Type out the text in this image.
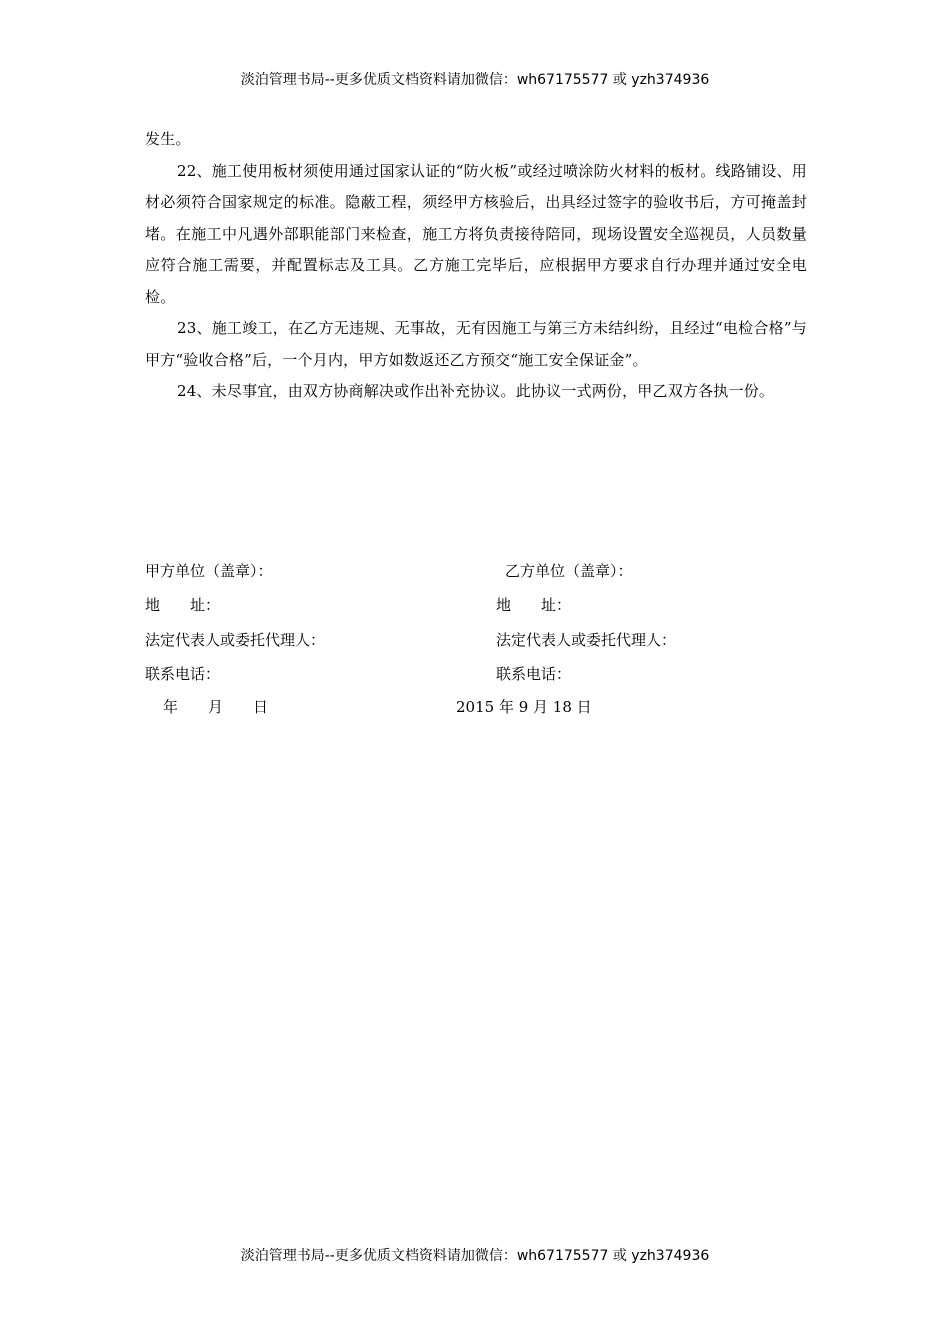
淡泊管理书局--更多优质文档资料请加微信：wh67175577 或 yzh374936

发生。

22、施工使用板材须使用通过国家认证的“防火板”或经过喷涂防火材料的板材。线路铺设、用材必须符合国家规定的标准。隐蔽工程，须经甲方核验后，出具经过签字的验收书后，方可掩盖封堵。在施工中凡遇外部职能部门来检查，施工方将负责接待陪同，现场设置安全巡视员，人员数量应符合施工需要，并配置标志及工具。乙方施工完毕后，应根据甲方要求自行办理并通过安全电检。

23、施工竣工，在乙方无违规、无事故，无有因施工与第三方未结纠纷，且经过“电检合格”与甲方“验收合格”后，一个月内，甲方如数返还乙方预交“施工安全保证金”。

24、未尽事宜，由双方协商解决或作出补充协议。此协议一式两份，甲乙双方各执一份。

甲方单位（盖章）：	乙方单位（盖章）：
地　　址：	地　　址：
法定代表人或委托代理人：	法定代表人或委托代理人：
联系电话：	联系电话：
年　　月　　日	2015 年 9 月 18 日
淡泊管理书局--更多优质文档资料请加微信：wh67175577 或 yzh374936
